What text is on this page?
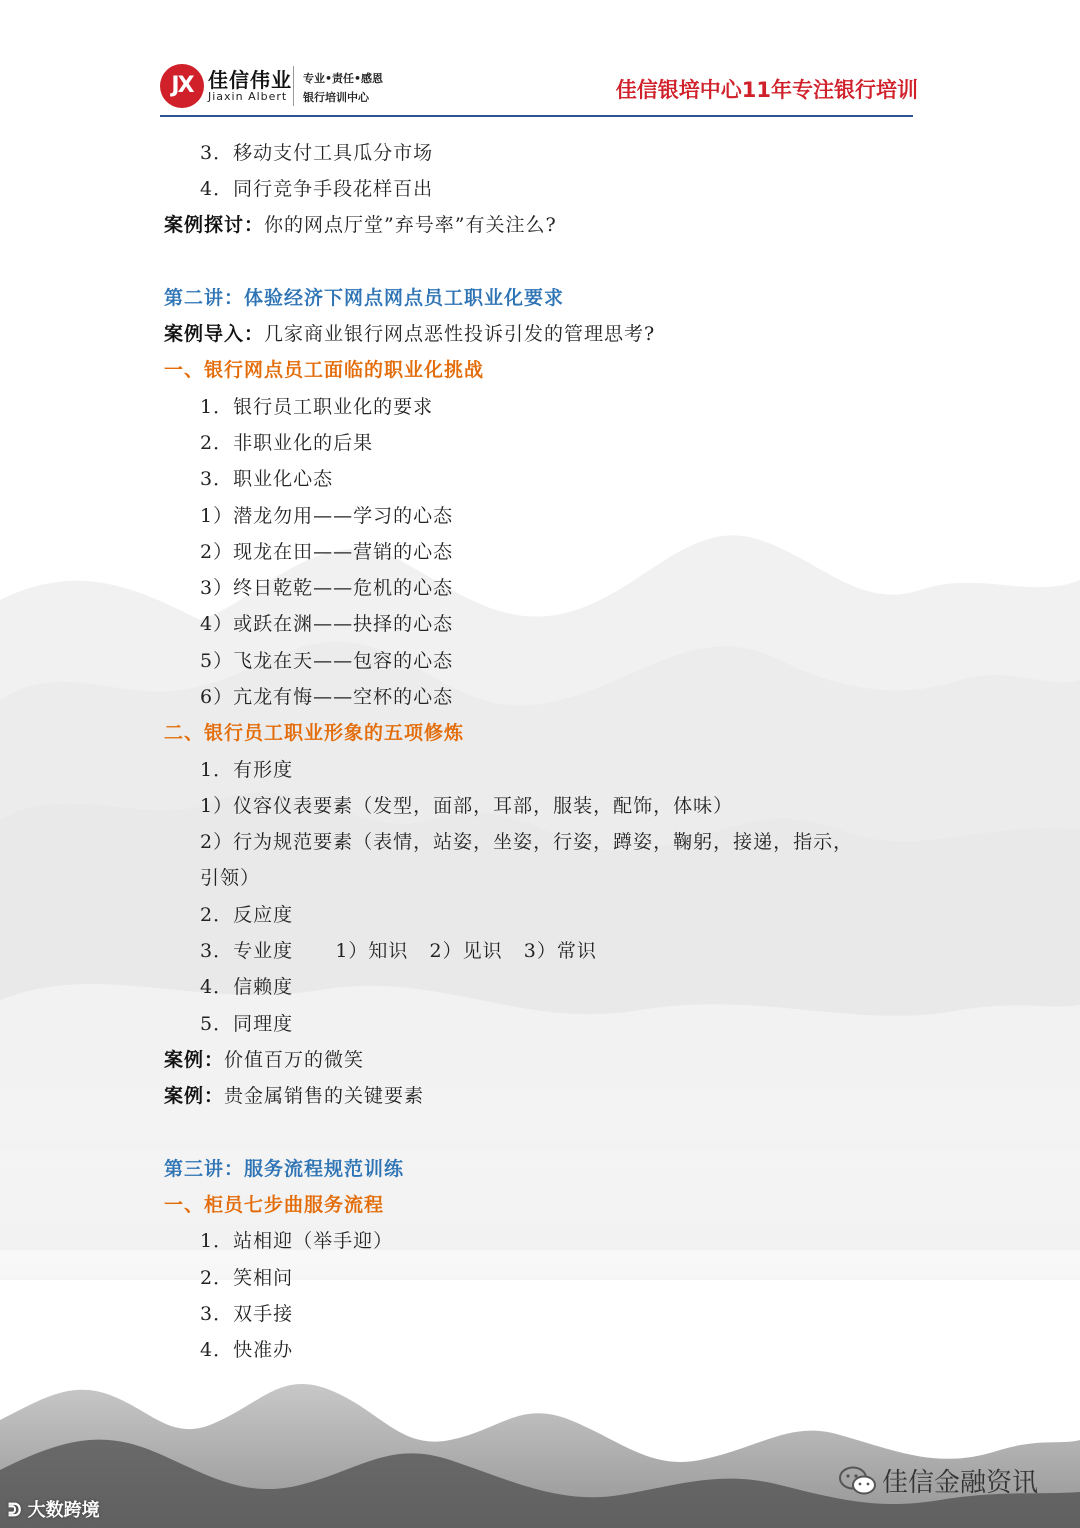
JX 佳信伟业
Jiaxin Albert
专业•责任•感恩
银行培训中心	佳信银培中心11年专注银行培训
3．移动支付工具瓜分市场
4．同行竞争手段花样百出
案例探讨：你的网点厅堂”弃号率”有关注么?
第二讲：体验经济下网点网点员工职业化要求
案例导入：几家商业银行网点恶性投诉引发的管理思考?
一、银行网点员工面临的职业化挑战
1．银行员工职业化的要求
2．非职业化的后果
3．职业化心态
1）潜龙勿用——学习的心态
2）现龙在田——营销的心态
3）终日乾乾——危机的心态
4）或跃在渊——抉择的心态
5）飞龙在天——包容的心态
6）亢龙有悔——空杯的心态
二、银行员工职业形象的五项修炼
1．有形度
1）仪容仪表要素（发型，面部，耳部，服装，配饰，体味）
2）行为规范要素（表情，站姿，坐姿，行姿，蹲姿，鞠躬，接递，指示，
引领）
2．反应度
3．专业度      1）知识   2）见识   3）常识
4．信赖度
5．同理度
案例：价值百万的微笑
案例：贵金属销售的关键要素
第三讲：服务流程规范训练
一、柜员七步曲服务流程
1．站相迎（举手迎）
2．笑相问
3．双手接
4．快准办
ᕲ 大数跨境
佳信金融资讯
